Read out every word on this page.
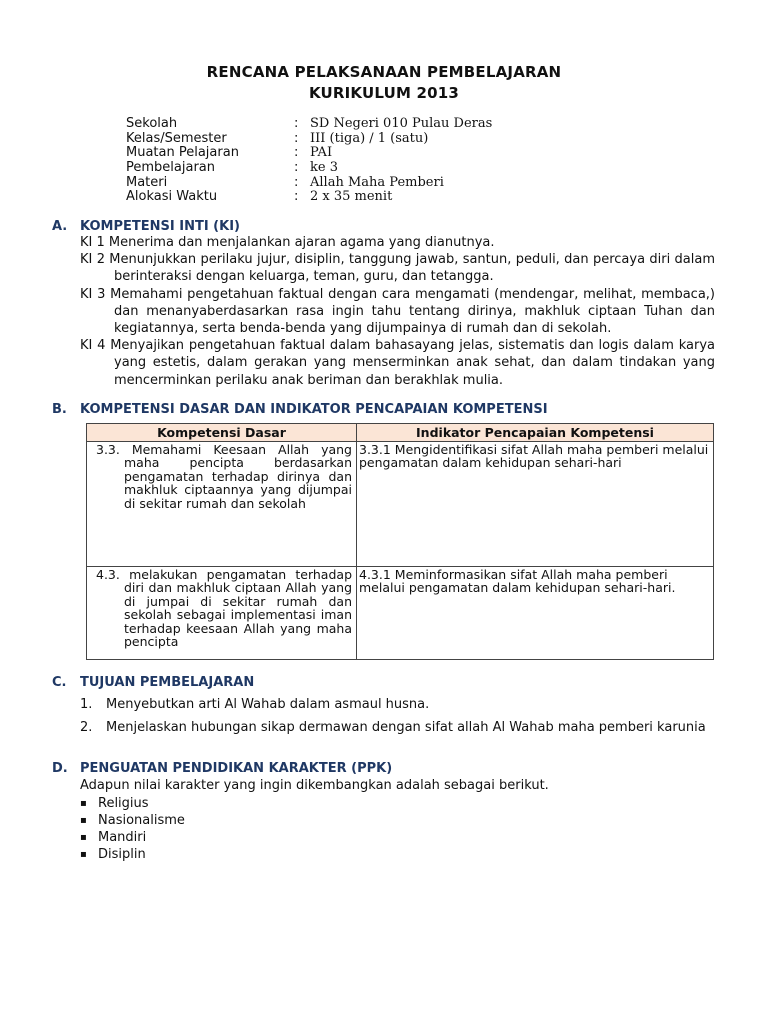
RENCANA PELAKSANAAN PEMBELAJARAN
KURIKULUM 2013
Sekolah	: SD Negeri 010 Pulau Deras
Kelas/Semester	: III (tiga) / 1 (satu)
Muatan Pelajaran	: PAI
Pembelajaran	: ke 3
Materi	: Allah Maha Pemberi
Alokasi Waktu	: 2 x 35 menit
A. KOMPETENSI INTI (KI)
KI 1 Menerima dan menjalankan ajaran agama yang dianutnya.
KI 2 Menunjukkan perilaku jujur, disiplin, tanggung jawab, santun, peduli, dan percaya diri dalam berinteraksi dengan keluarga, teman, guru, dan tetangga.
KI 3 Memahami pengetahuan faktual dengan cara mengamati (mendengar, melihat, membaca,) dan menanyaberdasarkan rasa ingin tahu tentang dirinya, makhluk ciptaan Tuhan dan kegiatannya, serta benda-benda yang dijumpainya di rumah dan di sekolah.
KI 4 Menyajikan pengetahuan faktual dalam bahasayang jelas, sistematis dan logis dalam karya yang estetis, dalam gerakan yang menserminkan anak sehat, dan dalam tindakan yang mencerminkan perilaku anak beriman dan berakhlak mulia.
B. KOMPETENSI DASAR DAN INDIKATOR PENCAPAIAN KOMPETENSI
Kompetensi Dasar	Indikator Pencapaian Kompetensi

3.3. Memahami Keesaan Allah yang maha pencipta berdasarkan pengamatan terhadap dirinya dan makhluk ciptaannya yang dijumpai di sekitar rumah dan sekolah	3.3.1 Mengidentifikasi sifat Allah maha pemberi melalui pengamatan dalam kehidupan sehari-hari

4.3. melakukan pengamatan terhadap diri dan makhluk ciptaan Allah yang di jumpai di sekitar rumah dan sekolah sebagai implementasi iman terhadap keesaan Allah yang maha pencipta	4.3.1 Meminformasikan sifat Allah maha pemberi melalui pengamatan dalam kehidupan sehari-hari.
C. TUJUAN PEMBELAJARAN
1.	Menyebutkan arti Al Wahab dalam asmaul husna.
2.	Menjelaskan hubungan sikap dermawan dengan sifat allah Al Wahab maha pemberi karunia
D. PENGUATAN PENDIDIKAN KARAKTER (PPK)
Adapun nilai karakter yang ingin dikembangkan adalah sebagai berikut.
▪ Religius
▪ Nasionalisme
▪ Mandiri
▪ Disiplin
